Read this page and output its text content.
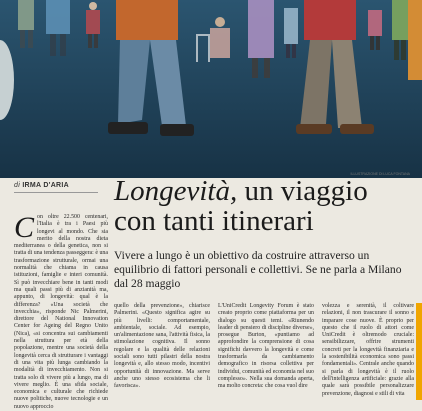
ILLUSTRAZIONE DI LUCA FONTANA
di IRMA D'ARIA Longevità, un viaggio
con tanti itinerari
Vivere a lungo è un obiettivo da costruire attraverso un equilibrio di fattori personali e collettivi. Se ne parla a Milano dal 28 maggio
Con oltre 22.500 centenari, l'Italia è tra i Paesi più longevi al mondo. Che sia merito della nostra dieta mediterranea o della genetica, non si tratta di una tendenza passeggera: è una trasformazione strutturale, ormai una normalità che chiama in causa istituzioni, famiglie e interi comunità. Sì può invecchiare bene in tanti modi ma quali passi più di anzianità ma, appunto, di longevità: qual è la differenza? «Una società che invecchia», risponde Nic Palmerini, direttore del National Innovation Center for Ageing del Regno Unito (Nica), «si concentra sui cambiamenti nella struttura per età della popolazione, mentre una società della longevità cerca di strutturare i vantaggi di una vita più lunga cambiando la modalità di invecchiamento. Non si tratta solo di vivere più a lungo, ma di vivere meglio. È una sfida sociale, economica e culturale che richiede nuove politiche, nuove tecnologie e un nuovo approccio
quello della prevenzione», chiarisce Palmerini. «Questo significa agire su più livelli: comportamentale, ambientale, sociale. Ad esempio, un'alimentazione sana, l'attività fisica, la stimolazione cognitiva. Il sonno regolare e la qualità delle relazioni sociali sono tutti pilastri della nostra longevità e, allo stesso modo, incentivi opportunità di innovazione. Ma serve anche uno stesso ecosistema che li favorisca».
L'UniCredit Longevity Forum è stato creato proprio come piattaforma per un dialogo su questi temi. «Riunendo leader di pensiero di discipline diverse», prosegue Burton, «puntiamo ad approfondire la comprensione di cosa significhi davvero la longevità e come trasformarla da cambiamento demografico in risorsa collettiva per individui, comunità ed economia nel suo complesso». Nella sua domanda aperta, ma molto concreta: che cosa vuol dire
volezza e serenità, il coltivare relazioni, il non trascurare il sonno e imparare cose nuove. È proprio per questo che il ruolo di attori come UniCredit è oltremodo cruciale: sensibilizzare, offrire strumenti concreti per la longevità finanziaria e la sostenibilità economica sono passi fondamentali». Centrale anche quando si parla di longevità è il ruolo dell'intelligenza artificiale: grazie alla quale sarà possibile personalizzare prevenzione, diagnosi e stili di vita
